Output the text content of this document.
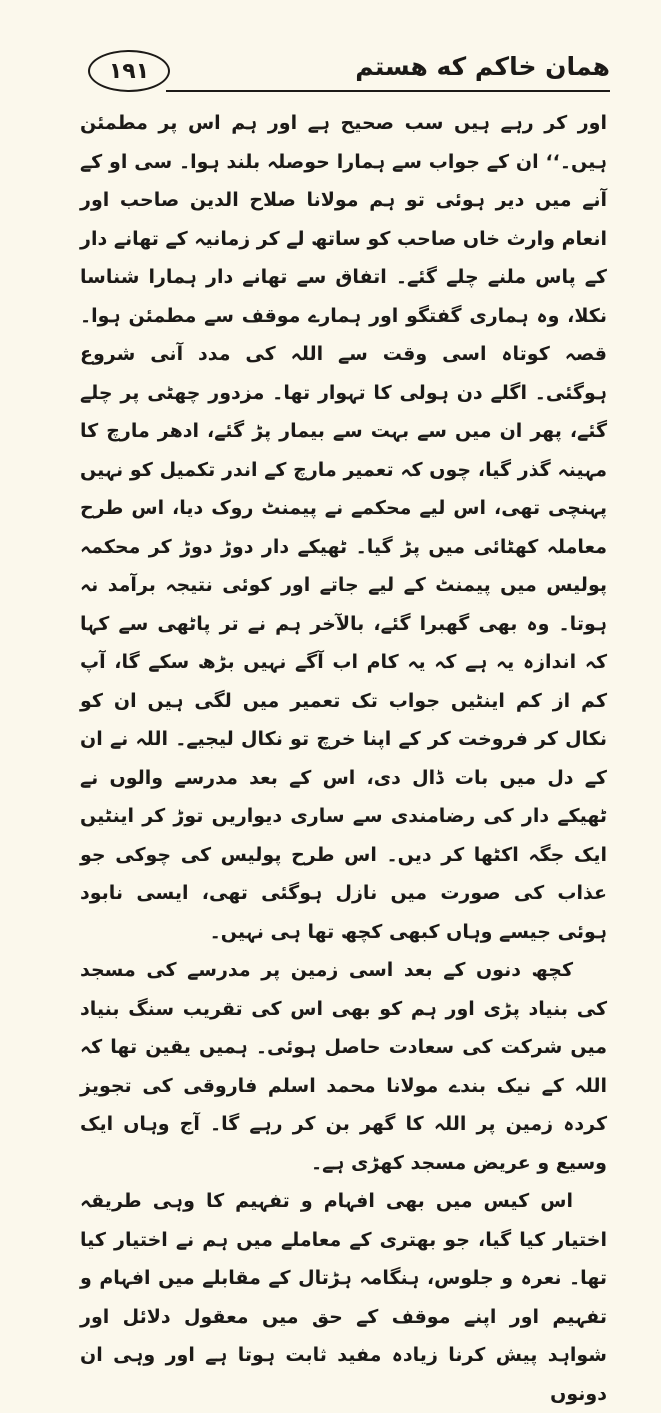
۱۹۱	همان خاکم که هستم

اور کر رہے ہیں سب صحیح ہے اور ہم اس پر مطمئن ہیں۔‘‘ ان کے جواب سے ہمارا حوصلہ بلند ہوا۔ سی او کے آنے میں دیر ہوئی تو ہم مولانا صلاح الدین صاحب اور انعام وارث خاں صاحب کو ساتھ لے کر زمانیہ کے تھانے دار کے پاس ملنے چلے گئے۔ اتفاق سے تھانے دار ہمارا شناسا نکلا، وہ ہماری گفتگو اور ہمارے موقف سے مطمئن ہوا۔ قصہ کوتاہ اسی وقت سے اللہ کی مدد آنی شروع ہوگئی۔ اگلے دن ہولی کا تہوار تھا۔ مزدور چھٹی پر چلے گئے، پھر ان میں سے بہت سے بیمار پڑ گئے، ادھر مارچ کا مہینہ گذر گیا، چوں کہ تعمیر مارچ کے اندر تکمیل کو نہیں پہنچی تھی، اس لیے محکمے نے پیمنٹ روک دیا، اس طرح معاملہ کھٹائی میں پڑ گیا۔ ٹھیکے دار دوڑ دوڑ کر محکمہ پولیس میں پیمنٹ کے لیے جاتے اور کوئی نتیجہ برآمد نہ ہوتا۔ وہ بھی گھبرا گئے، بالآخر ہم نے تر پاٹھی سے کہا کہ اندازہ یہ ہے کہ یہ کام اب آگے نہیں بڑھ سکے گا، آپ کم از کم اینٹیں جواب تک تعمیر میں لگی ہیں ان کو نکال کر فروخت کر کے اپنا خرچ تو نکال لیجیے۔ اللہ نے ان کے دل میں بات ڈال دی، اس کے بعد مدرسے والوں نے ٹھیکے دار کی رضامندی سے ساری دیواریں توڑ کر اینٹیں ایک جگہ اکٹھا کر دیں۔ اس طرح پولیس کی چوکی جو عذاب کی صورت میں نازل ہوگئی تھی، ایسی نابود ہوئی جیسے وہاں کبھی کچھ تھا ہی نہیں۔

کچھ دنوں کے بعد اسی زمین پر مدرسے کی مسجد کی بنیاد پڑی اور ہم کو بھی اس کی تقریب سنگ بنیاد میں شرکت کی سعادت حاصل ہوئی۔ ہمیں یقین تھا کہ اللہ کے نیک بندے مولانا محمد اسلم فاروقی کی تجویز کردہ زمین پر اللہ کا گھر بن کر رہے گا۔ آج وہاں ایک وسیع و عریض مسجد کھڑی ہے۔

اس کیس میں بھی افہام و تفہیم کا وہی طریقہ اختیار کیا گیا، جو بھتری کے معاملے میں ہم نے اختیار کیا تھا۔ نعرہ و جلوس، ہنگامہ ہڑتال کے مقابلے میں افہام و تفہیم اور اپنے موقف کے حق میں معقول دلائل اور شواہد پیش کرنا زیادہ مفید ثابت ہوتا ہے اور وہی ان دونوں
